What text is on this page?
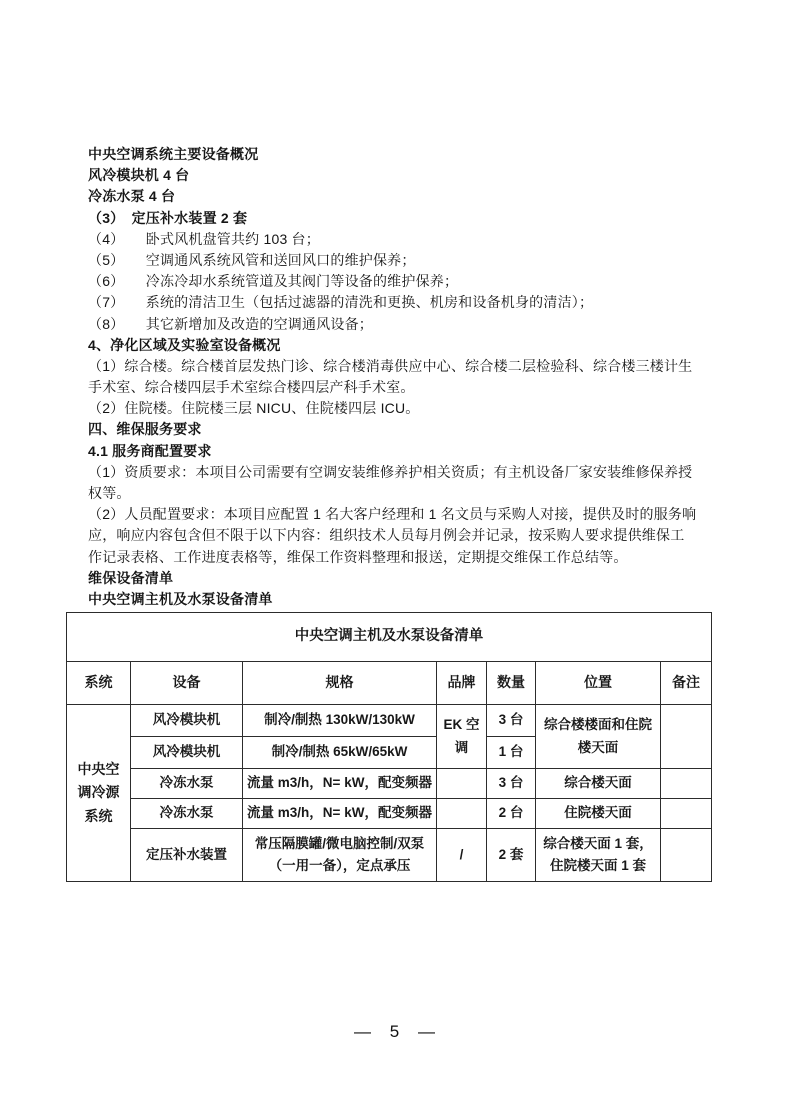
中央空调系统主要设备概况
风冷模块机 4 台
冷冻水泵 4 台
（3）　定压补水装置 2 套
（4）　　卧式风机盘管共约 103 台；
（5）　　空调通风系统风管和送回风口的维护保养；
（6）　　冷冻冷却水系统管道及其阀门等设备的维护保养；
（7）　　系统的清洁卫生（包括过滤器的清洗和更换、机房和设备机身的清洁）；
（8）　　其它新增加及改造的空调通风设备；
4、净化区域及实验室设备概况
（1）综合楼。综合楼首层发热门诊、综合楼消毒供应中心、综合楼二层检验科、综合楼三楼计生
手术室、综合楼四层手术室综合楼四层产科手术室。
（2）住院楼。住院楼三层 NICU、住院楼四层 ICU。
四、维保服务要求
4.1 服务商配置要求
（1）资质要求：本项目公司需要有空调安装维修养护相关资质；有主机设备厂家安装维修保养授
权等。
（2）人员配置要求：本项目应配置 1 名大客户经理和 1 名文员与采购人对接，提供及时的服务响
应，响应内容包含但不限于以下内容：组织技术人员每月例会并记录，按采购人要求提供维保工
作记录表格、工作进度表格等，维保工作资料整理和报送，定期提交维保工作总结等。
维保设备清单
中央空调主机及水泵设备清单
中央空调主机及水泵设备清单						
系统	设备	规格	品牌	数量	位置	备注
中央空调冷源系统	风冷模块机	制冷/制热 130kW/130kW	EK 空调	3 台	综合楼楼面和住院楼天面	
	风冷模块机	制冷/制热 65kW/65kW		1 台		
	冷冻水泵	流量 m3/h，N= kW，配变频器		3 台	综合楼天面	
	冷冻水泵	流量 m3/h，N= kW，配变频器		2 台	住院楼天面	
	定压补水装置	常压隔膜罐/微电脑控制/双泵（一用一备），定点承压	/	2 套	综合楼天面 1 套，住院楼天面 1 套	
— 5 —
